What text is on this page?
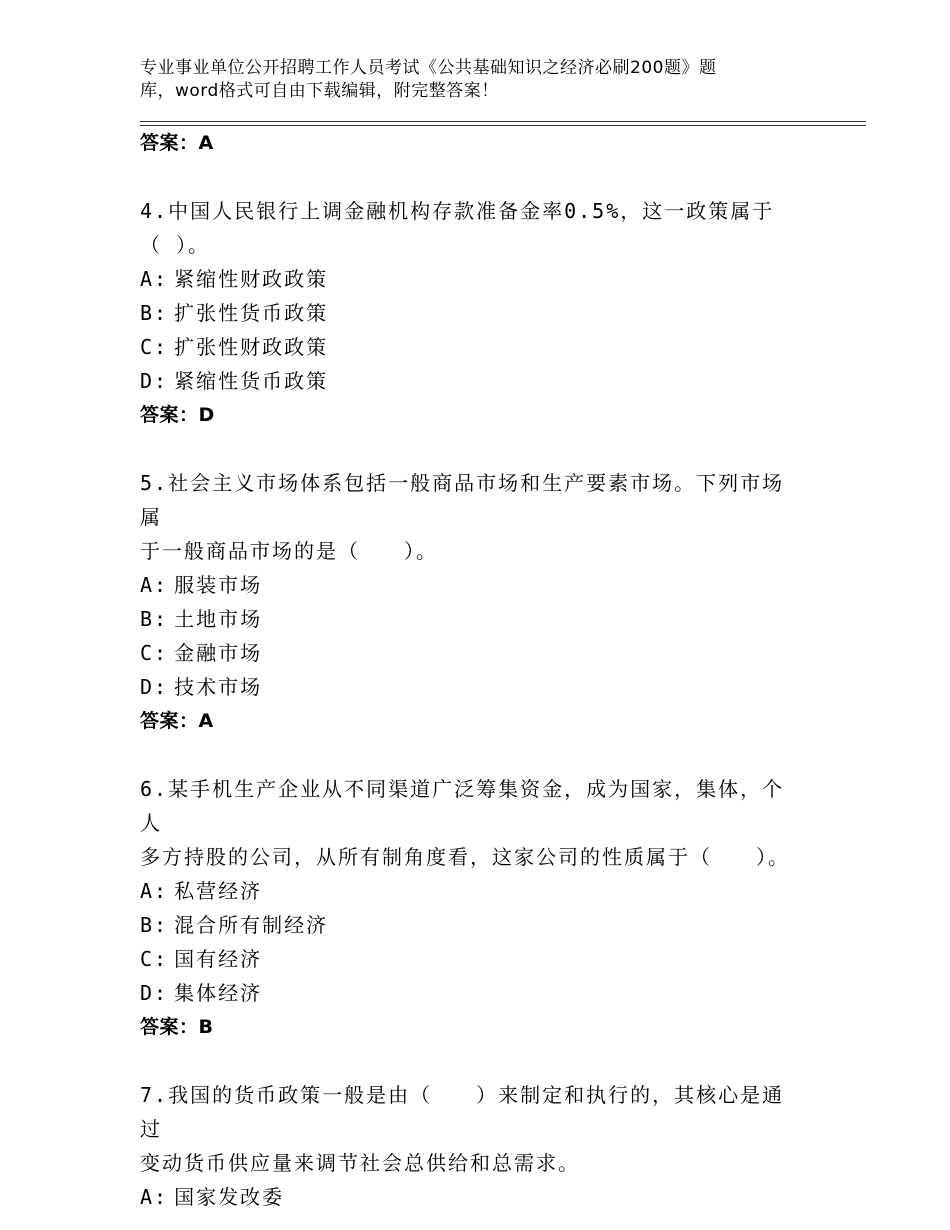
专业事业单位公开招聘工作人员考试《公共基础知识之经济必刷200题》题
库，word格式可自由下载编辑，附完整答案！
答案：A
4.中国人民银行上调金融机构存款准备金率0.5%，这一政策属于
（ ）。
A: 紧缩性财政政策
B: 扩张性货币政策
C: 扩张性财政政策
D: 紧缩性货币政策
答案：D
5.社会主义市场体系包括一般商品市场和生产要素市场。下列市场属
于一般商品市场的是（　　）。
A: 服装市场
B: 土地市场
C: 金融市场
D: 技术市场
答案：A
6.某手机生产企业从不同渠道广泛筹集资金，成为国家，集体，个人
多方持股的公司，从所有制角度看，这家公司的性质属于（　　）。
A: 私营经济
B: 混合所有制经济
C: 国有经济
D: 集体经济
答案：B
7.我国的货币政策一般是由（　　）来制定和执行的，其核心是通过
变动货币供应量来调节社会总供给和总需求。
A: 国家发改委
